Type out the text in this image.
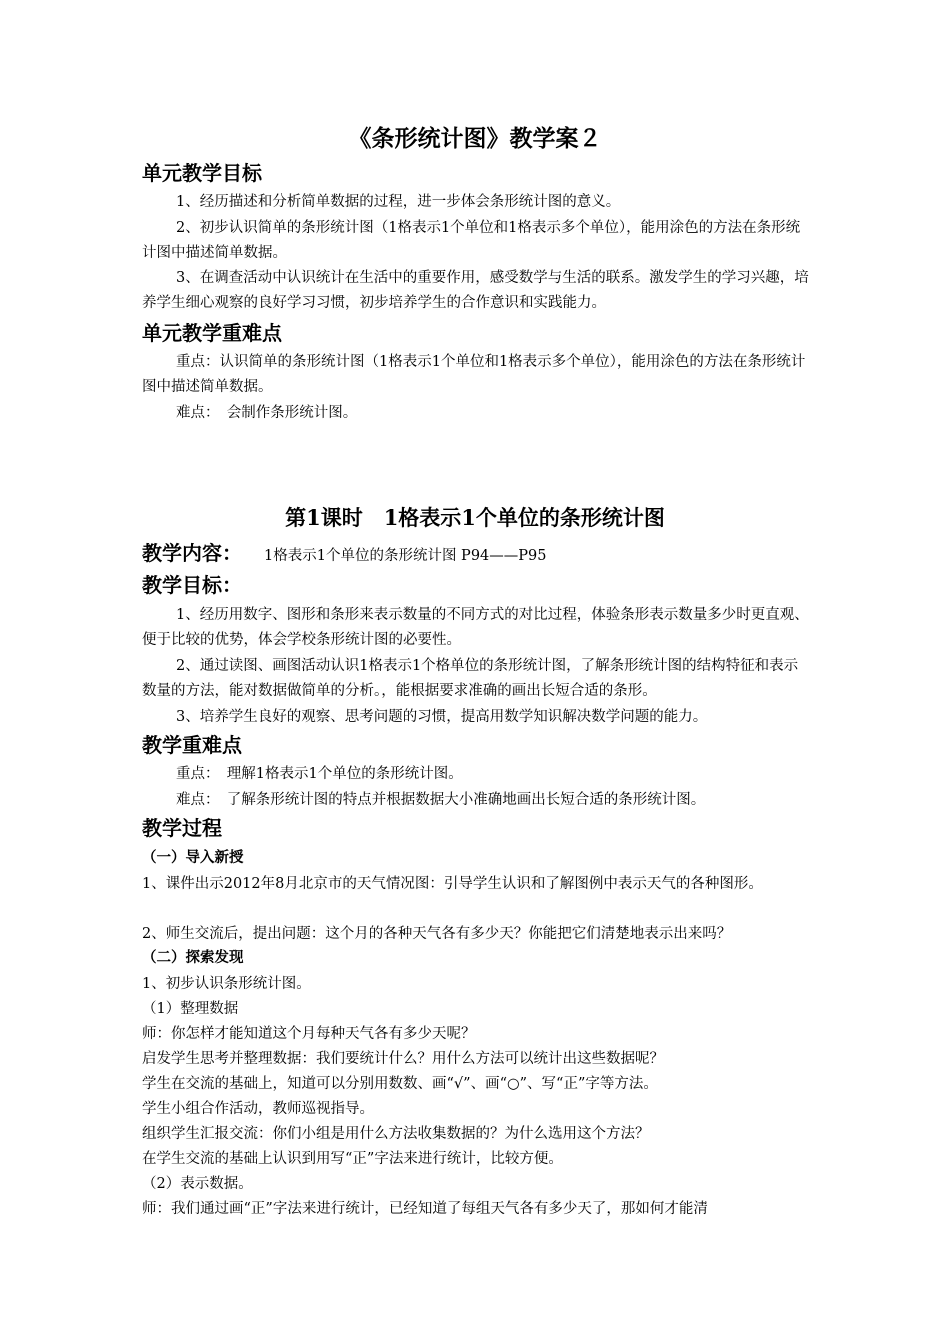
《条形统计图》教学案２
单元教学目标
1、经历描述和分析简单数据的过程，进一步体会条形统计图的意义。
2、初步认识简单的条形统计图（1格表示1个单位和1格表示多个单位），能用涂色的方法在条形统计图中描述简单数据。
3、在调查活动中认识统计在生活中的重要作用，感受数学与生活的联系。激发学生的学习兴趣，培养学生细心观察的良好学习习惯，初步培养学生的合作意识和实践能力。
单元教学重难点
重点：认识简单的条形统计图（1格表示1个单位和1格表示多个单位），能用涂色的方法在条形统计图中描述简单数据。
难点：　会制作条形统计图。
第1课时　1格表示1个单位的条形统计图
教学内容： 1格表示1个单位的条形统计图 P94——P95
教学目标：
1、经历用数字、图形和条形来表示数量的不同方式的对比过程，体验条形表示数量多少时更直观、便于比较的优势，体会学校条形统计图的必要性。
2、通过读图、画图活动认识1格表示1个格单位的条形统计图，了解条形统计图的结构特征和表示数量的方法，能对数据做简单的分析。，能根据要求准确的画出长短合适的条形。
3、培养学生良好的观察、思考问题的习惯，提高用数学知识解决数学问题的能力。
教学重难点
重点：　理解1格表示1个单位的条形统计图。
难点：　了解条形统计图的特点并根据数据大小准确地画出长短合适的条形统计图。
教学过程
（一）导入新授
1、课件出示2012年8月北京市的天气情况图：引导学生认识和了解图例中表示天气的各种图形。
2、师生交流后，提出问题：这个月的各种天气各有多少天？你能把它们清楚地表示出来吗？
（二）探索发现
1、初步认识条形统计图。
（1）整理数据
师：你怎样才能知道这个月每种天气各有多少天呢？
启发学生思考并整理数据：我们要统计什么？用什么方法可以统计出这些数据呢？
学生在交流的基础上，知道可以分别用数数、画“√”、画“○”、写“正”字等方法。
学生小组合作活动，教师巡视指导。
组织学生汇报交流：你们小组是用什么方法收集数据的？为什么选用这个方法？
在学生交流的基础上认识到用写“正”字法来进行统计，比较方便。
（2）表示数据。
师：我们通过画“正”字法来进行统计，已经知道了每组天气各有多少天了，那如何才能清
